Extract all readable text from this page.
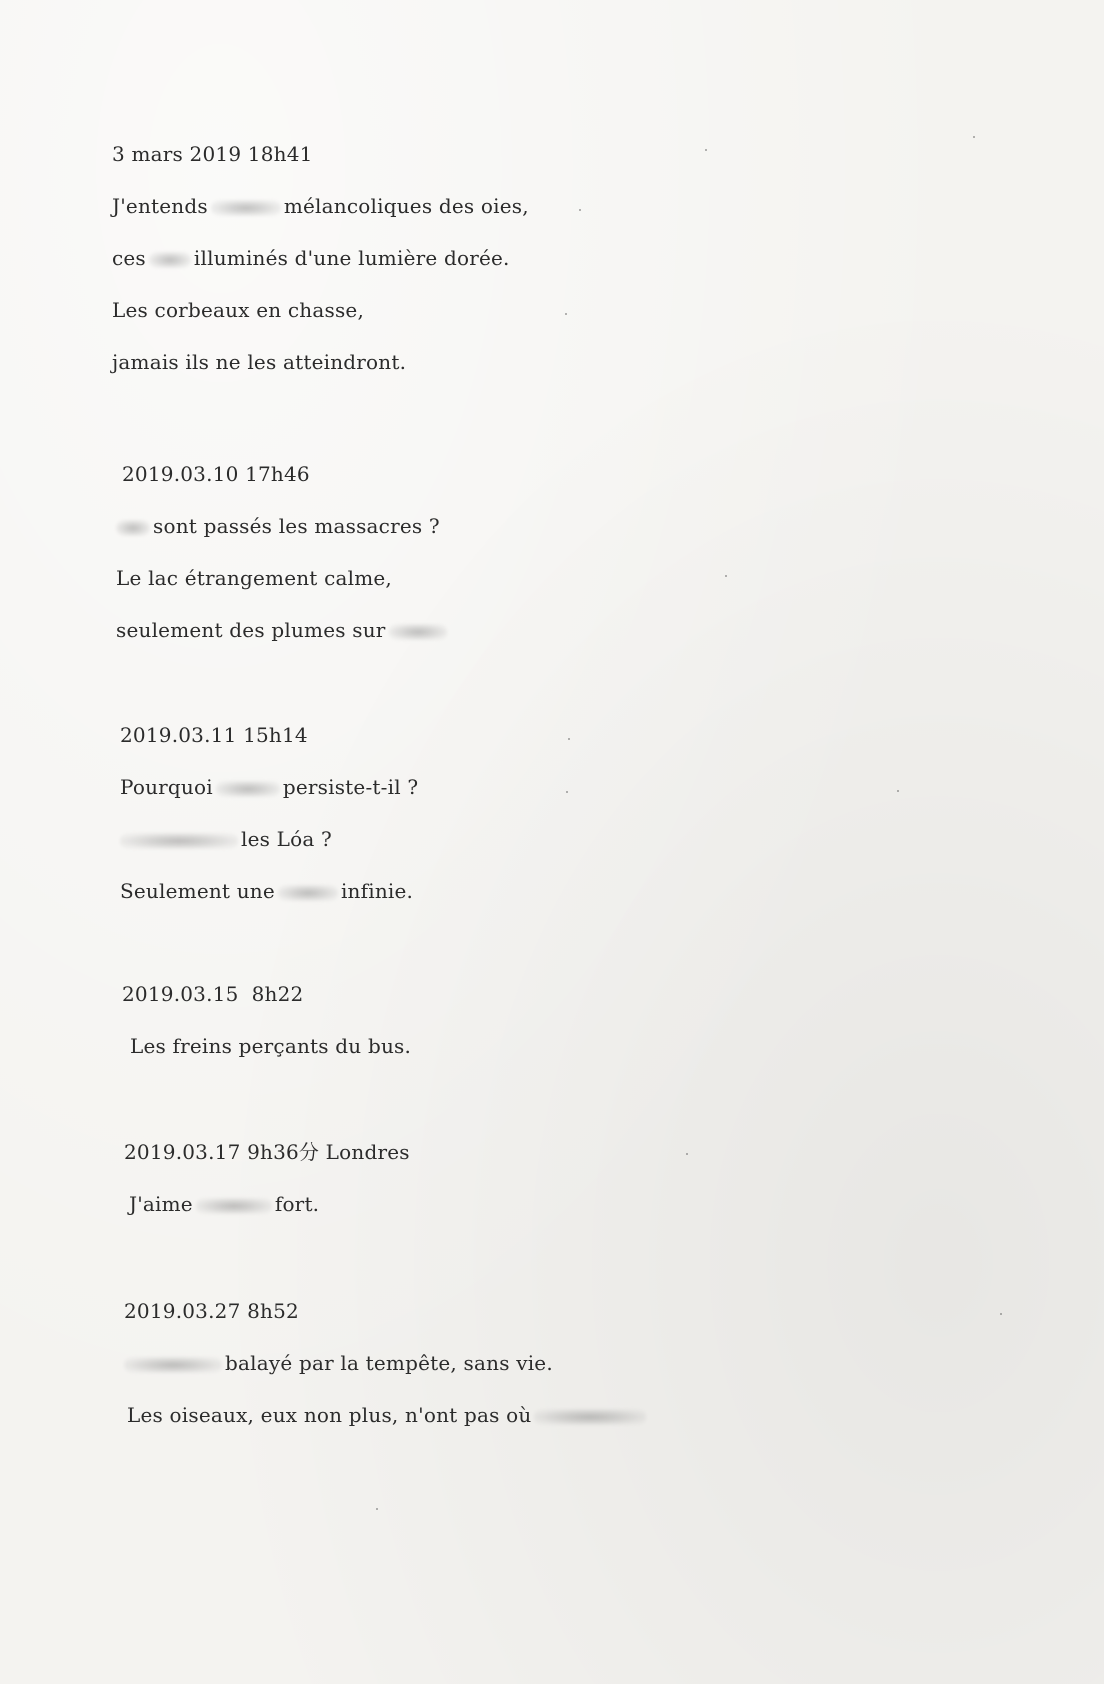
3 mars 2019 18h41
J'entends	mélancoliques des oies,
ces illuminés d'une lumière dorée.
Les corbeaux en chasse,
jamais ils ne les atteindront.
2019.03.10 17h46
sont passés les massacres ?
Le lac étrangement calme,
seulement des plumes sur
2019.03.11 15h14
Pourquoi	persiste-t-il ?
les Lóa ?
Seulement une	infinie.
2019.03.15  8h22
Les freins perçants du bus.
2019.03.17 9h36分 Londres
J'aime	fort.
2019.03.27 8h52
balayé par la tempête, sans vie.
Les oiseaux, eux non plus, n'ont pas où
